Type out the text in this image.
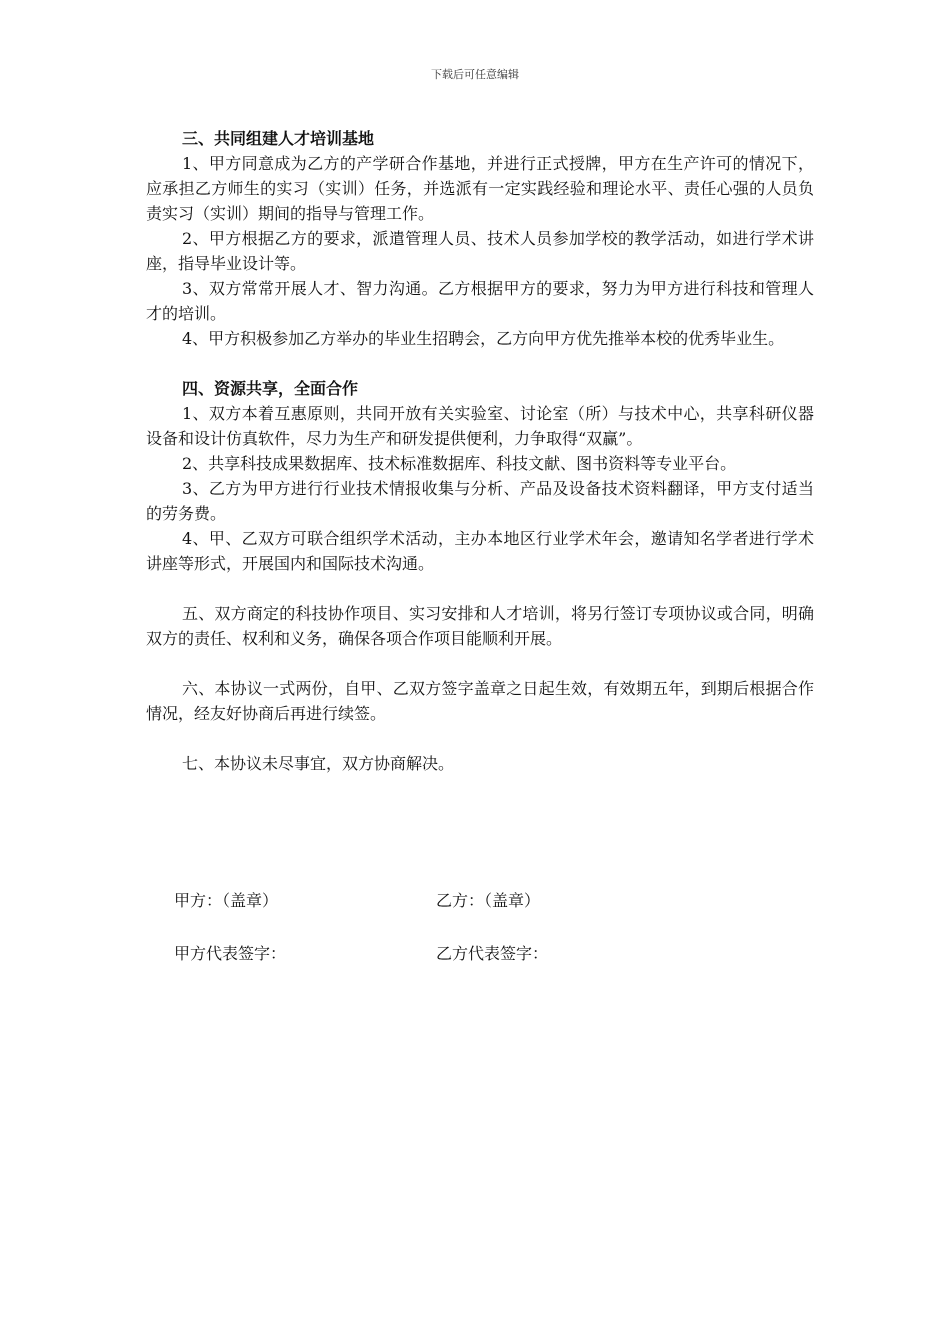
下载后可任意编辑

三、共同组建人才培训基地

1、甲方同意成为乙方的产学研合作基地，并进行正式授牌，甲方在生产许可的情况下，应承担乙方师生的实习（实训）任务，并选派有一定实践经验和理论水平、责任心强的人员负责实习（实训）期间的指导与管理工作。

2、甲方根据乙方的要求，派遣管理人员、技术人员参加学校的教学活动，如进行学术讲座，指导毕业设计等。

3、双方常常开展人才、智力沟通。乙方根据甲方的要求，努力为甲方进行科技和管理人才的培训。

4、甲方积极参加乙方举办的毕业生招聘会，乙方向甲方优先推举本校的优秀毕业生。

四、资源共享，全面合作

1、双方本着互惠原则，共同开放有关实验室、讨论室（所）与技术中心，共享科研仪器设备和设计仿真软件，尽力为生产和研发提供便利，力争取得“双赢”。

2、共享科技成果数据库、技术标准数据库、科技文献、图书资料等专业平台。

3、乙方为甲方进行行业技术情报收集与分析、产品及设备技术资料翻译，甲方支付适当的劳务费。

4、甲、乙双方可联合组织学术活动，主办本地区行业学术年会，邀请知名学者进行学术讲座等形式，开展国内和国际技术沟通。

五、双方商定的科技协作项目、实习安排和人才培训，将另行签订专项协议或合同，明确双方的责任、权利和义务，确保各项合作项目能顺利开展。

六、本协议一式两份，自甲、乙双方签字盖章之日起生效，有效期五年，到期后根据合作情况，经友好协商后再进行续签。

七、本协议未尽事宜，双方协商解决。

甲方：（盖章）	乙方：（盖章）
甲方代表签字：	乙方代表签字：
